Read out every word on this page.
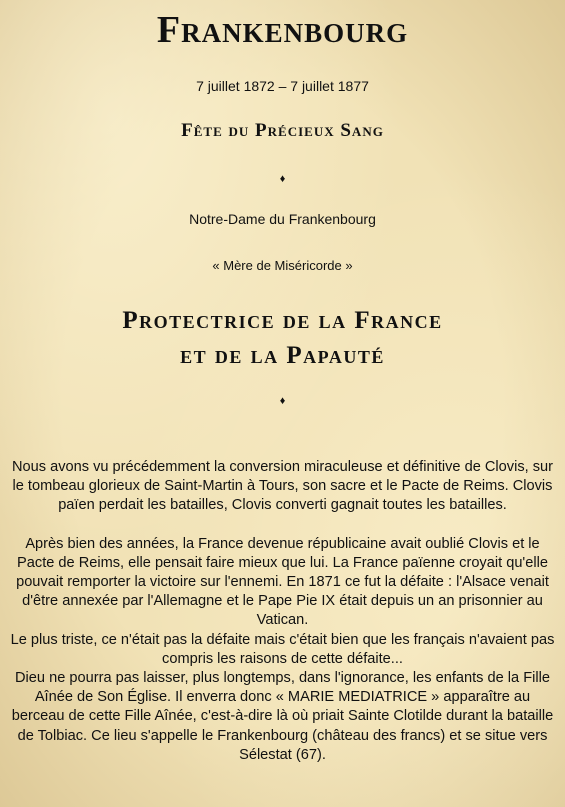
Frankenbourg
7 juillet 1872 – 7 juillet 1877
Fête du Précieux Sang
♦
Notre-Dame du Frankenbourg
« Mère de Miséricorde »
Protectrice de la France
et de la Papauté
♦

Nous avons vu précédemment la conversion miraculeuse et définitive de Clovis, sur le tombeau glorieux de Saint-Martin à Tours, son sacre et le Pacte de Reims. Clovis païen perdait les batailles, Clovis converti gagnait toutes les batailles.

Après bien des années, la France devenue républicaine avait oublié Clovis et le Pacte de Reims, elle pensait faire mieux que lui. La France païenne croyait qu'elle pouvait remporter la victoire sur l'ennemi. En 1871 ce fut la défaite : l'Alsace venait d'être annexée par l'Allemagne et le Pape Pie IX était depuis un an prisonnier au Vatican.

Le plus triste, ce n'était pas la défaite mais c'était bien que les français n'avaient pas compris les raisons de cette défaite...

Dieu ne pourra pas laisser, plus longtemps, dans l'ignorance, les enfants de la Fille Aînée de Son Église. Il enverra donc « MARIE MEDIATRICE » apparaître au berceau de cette Fille Aînée, c'est-à-dire là où priait Sainte Clotilde durant la bataille de Tolbiac. Ce lieu s'appelle le Frankenbourg (château des francs) et se situe vers Sélestat (67).
